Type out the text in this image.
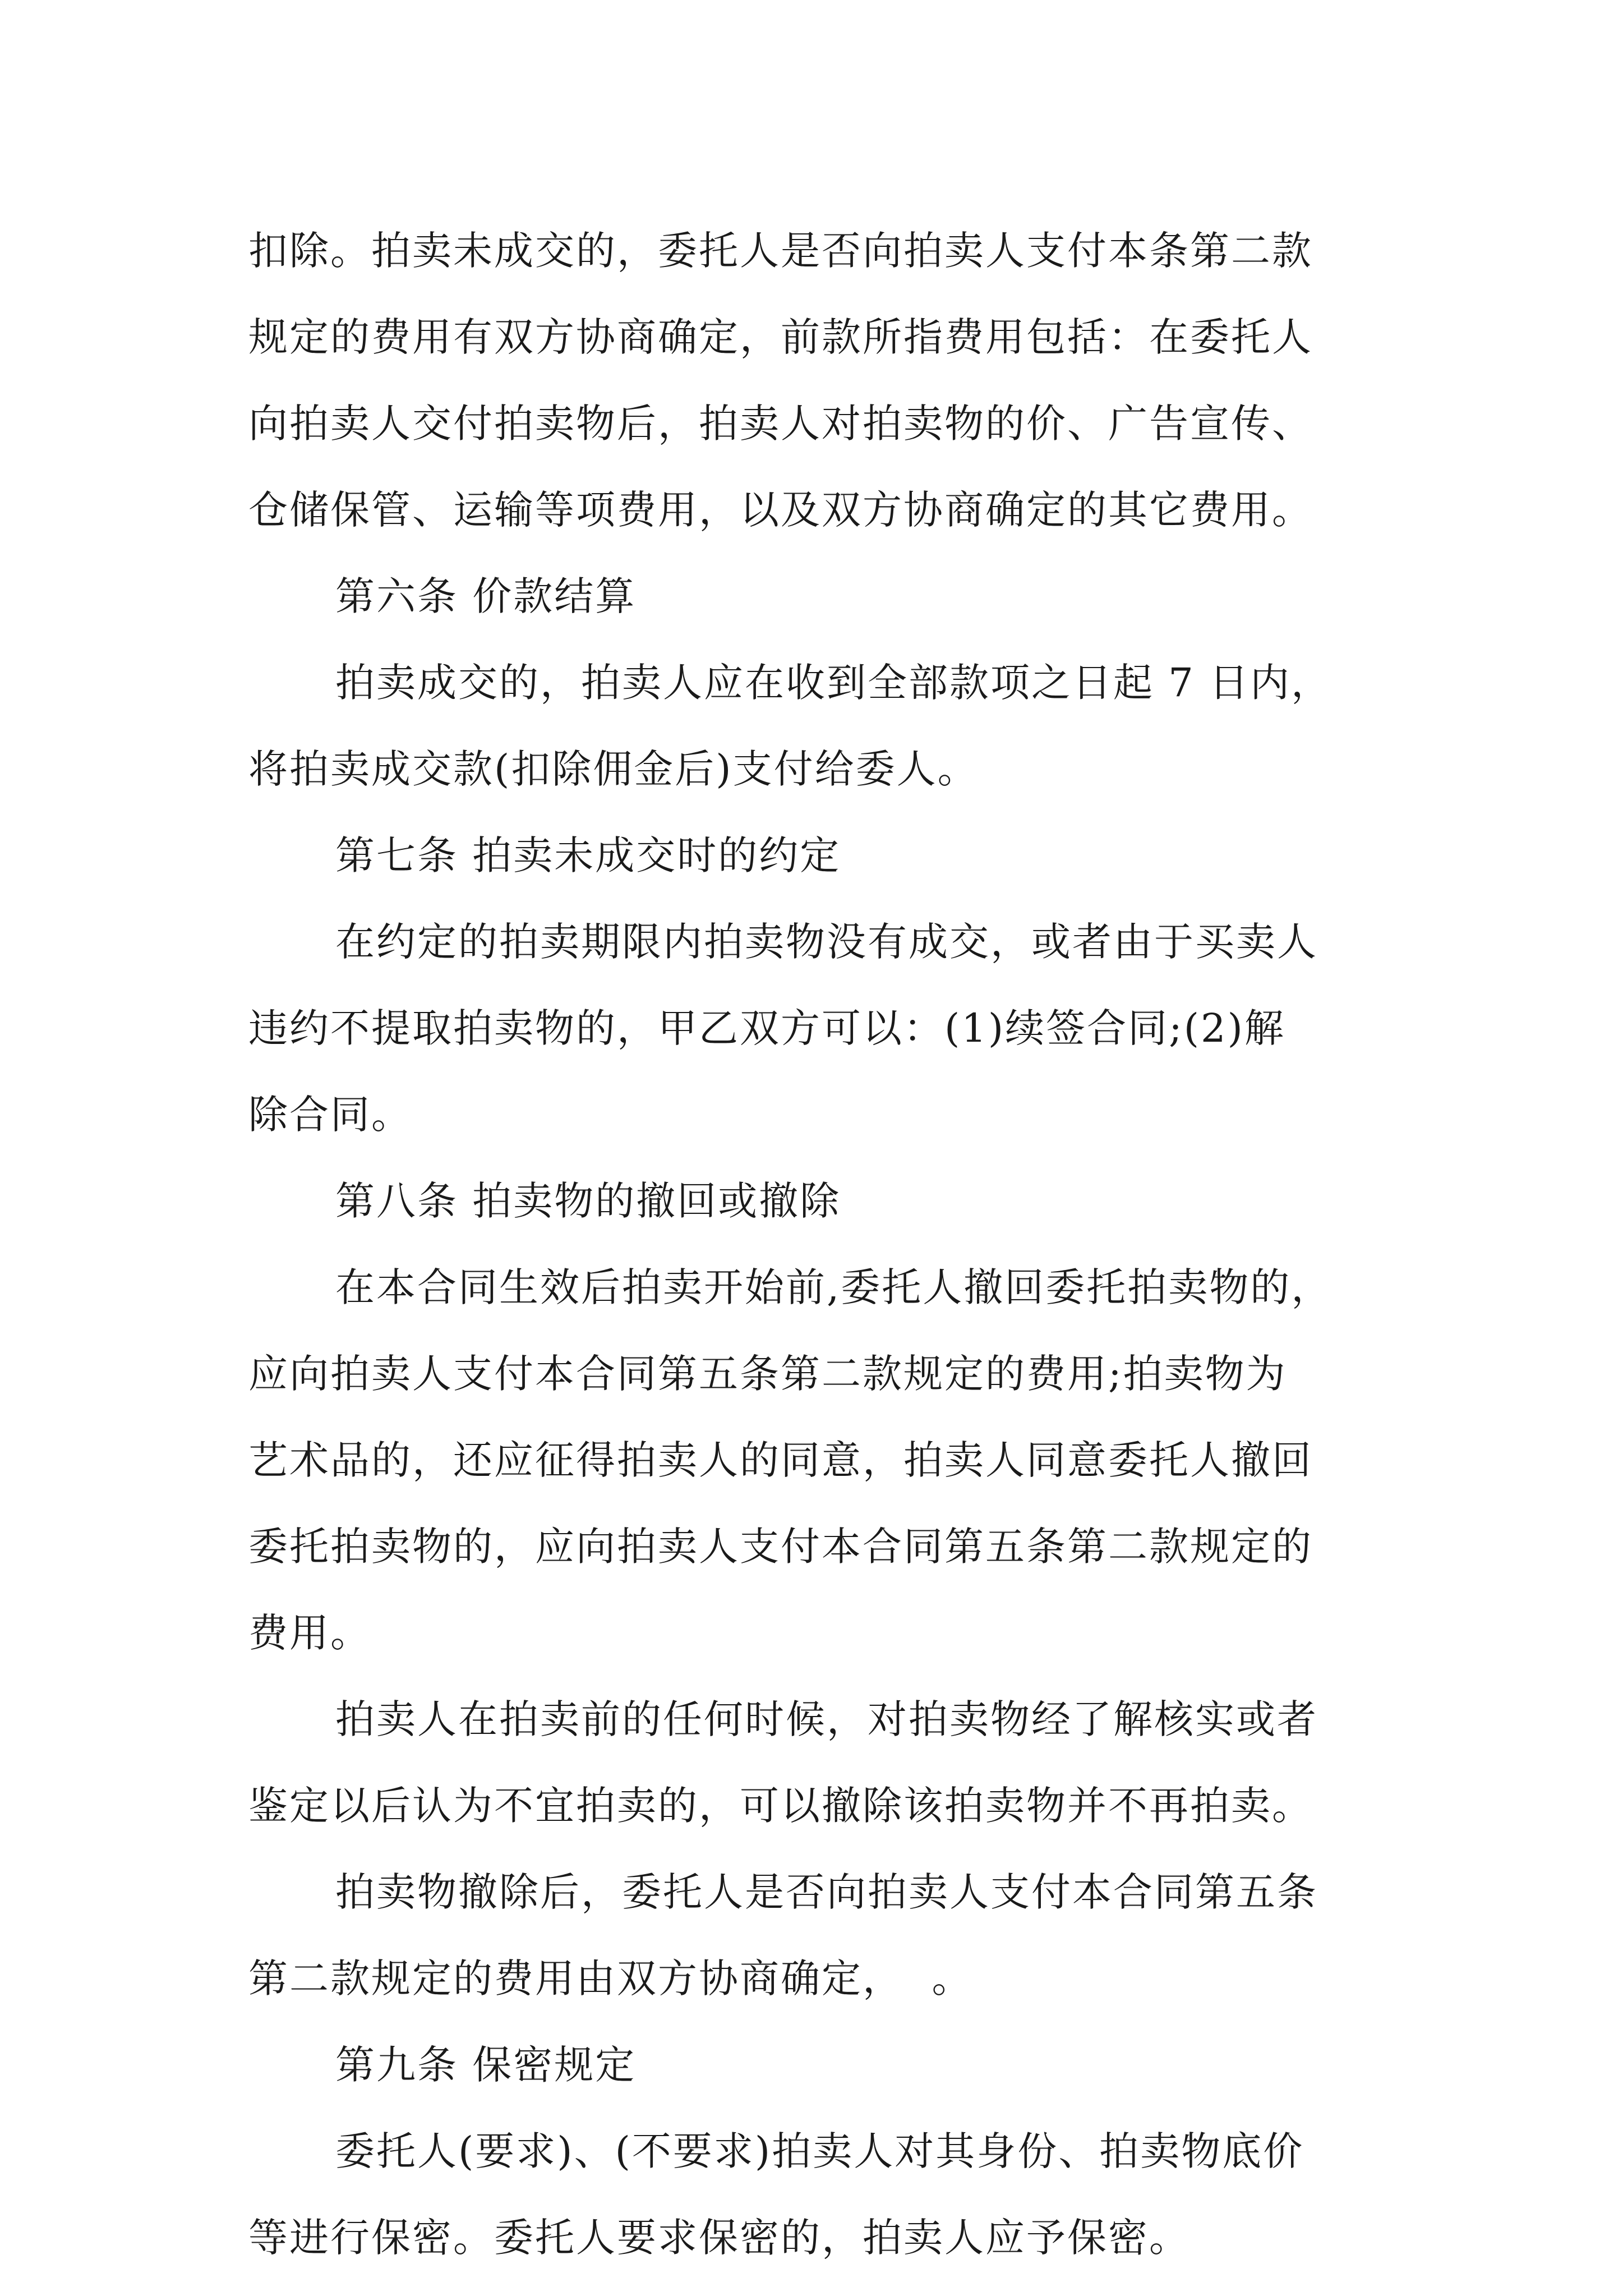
扣除。拍卖未成交的，委托人是否向拍卖人支付本条第二款
规定的费用有双方协商确定，前款所指费用包括：在委托人
向拍卖人交付拍卖物后，拍卖人对拍卖物的价、广告宣传、
仓储保管、运输等项费用，以及双方协商确定的其它费用。
第六条 价款结算
拍卖成交的，拍卖人应在收到全部款项之日起 7 日内，
将拍卖成交款(扣除佣金后)支付给委人。
第七条 拍卖未成交时的约定
在约定的拍卖期限内拍卖物没有成交，或者由于买卖人
违约不提取拍卖物的，甲乙双方可以：(1)续签合同;(2)解
除合同。
第八条 拍卖物的撤回或撤除
在本合同生效后拍卖开始前,委托人撤回委托拍卖物的，
应向拍卖人支付本合同第五条第二款规定的费用;拍卖物为
艺术品的，还应征得拍卖人的同意，拍卖人同意委托人撤回
委托拍卖物的，应向拍卖人支付本合同第五条第二款规定的
费用。
拍卖人在拍卖前的任何时候，对拍卖物经了解核实或者
鉴定以后认为不宜拍卖的，可以撤除该拍卖物并不再拍卖。
拍卖物撤除后，委托人是否向拍卖人支付本合同第五条
第二款规定的费用由双方协商确定，  。
第九条 保密规定
委托人(要求)、(不要求)拍卖人对其身份、拍卖物底价
等进行保密。委托人要求保密的，拍卖人应予保密。
